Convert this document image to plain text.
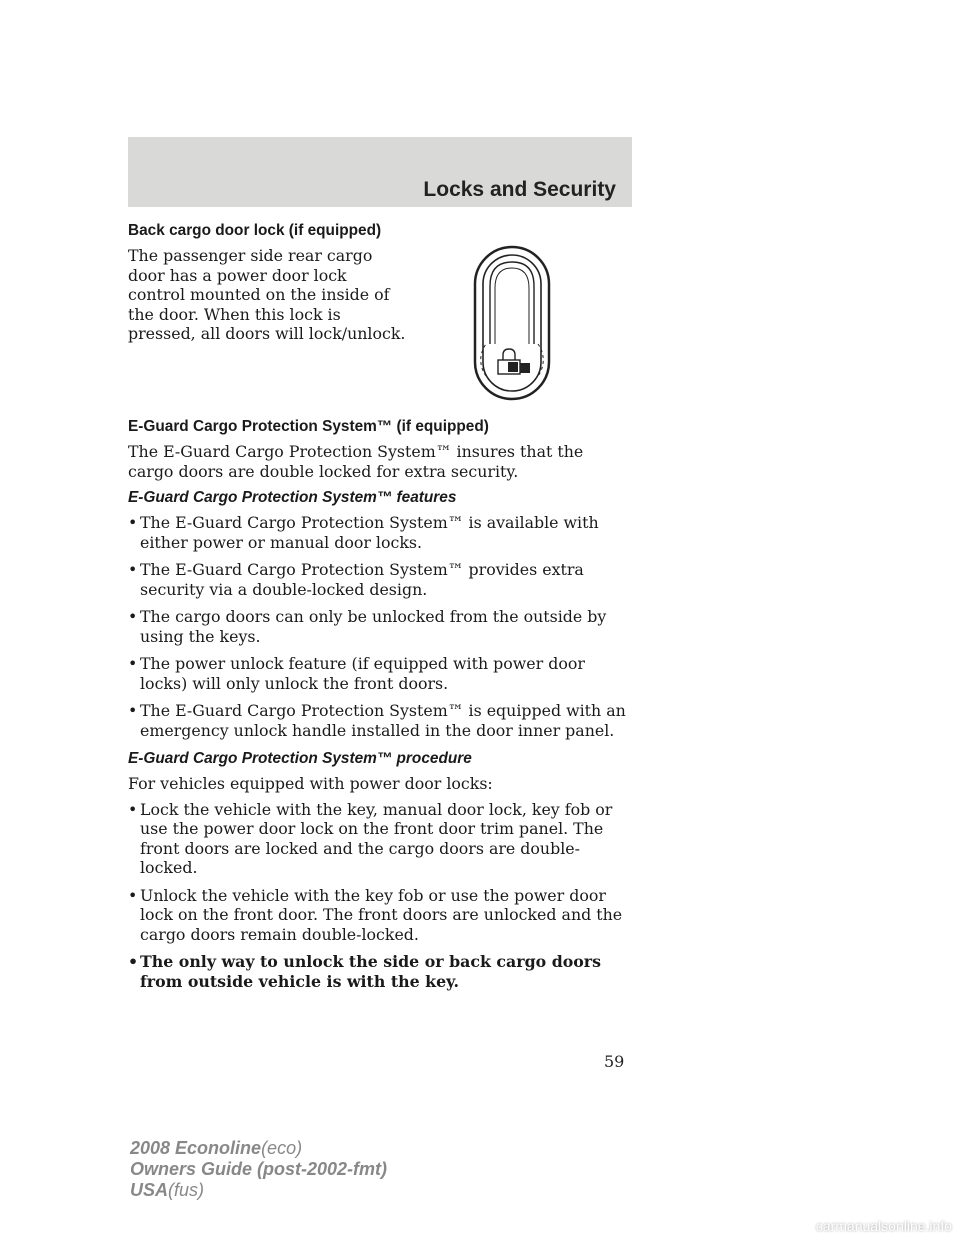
Locks and Security
Back cargo door lock (if equipped)

The passenger side rear cargo door has a power door lock control mounted on the inside of the door. When this lock is pressed, all doors will lock/unlock.

E-Guard Cargo Protection System™ (if equipped)

The E-Guard Cargo Protection System™ insures that the cargo doors are double locked for extra security.

E-Guard Cargo Protection System™ features
• The E-Guard Cargo Protection System™ is available with either power or manual door locks.
• The E-Guard Cargo Protection System™ provides extra security via a double-locked design.
• The cargo doors can only be unlocked from the outside by using the keys.
• The power unlock feature (if equipped with power door locks) will only unlock the front doors.
• The E-Guard Cargo Protection System™ is equipped with an emergency unlock handle installed in the door inner panel.
E-Guard Cargo Protection System™ procedure

For vehicles equipped with power door locks:

• Lock the vehicle with the key, manual door lock, key fob or use the power door lock on the front door trim panel. The front doors are locked and the cargo doors are double-locked.
• Unlock the vehicle with the key fob or use the power door lock on the front door. The front doors are unlocked and the cargo doors remain double-locked.
• The only way to unlock the side or back cargo doors from outside vehicle is with the key.
59
2008 Econoline(eco)
Owners Guide (post-2002-fmt)
USA(fus)
carmanualsonline.info
